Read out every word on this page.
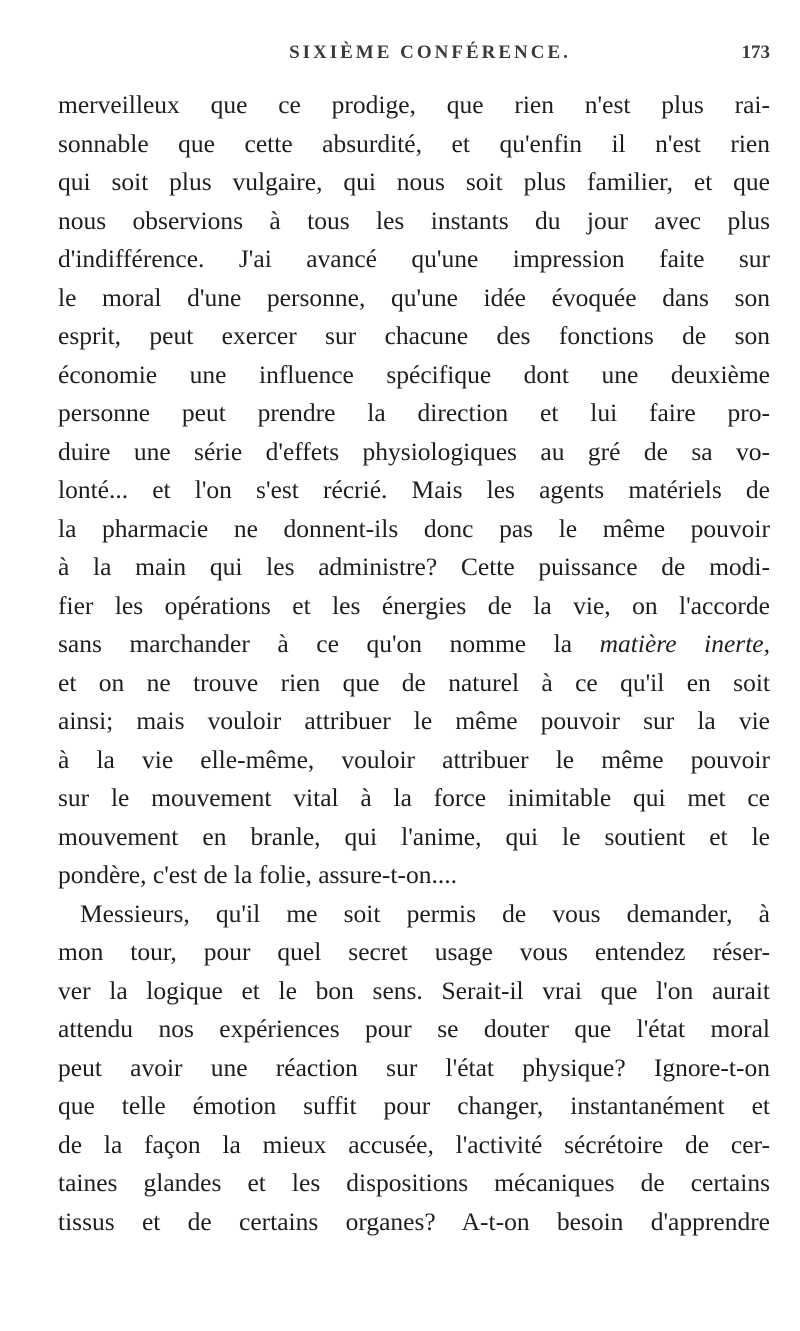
SIXIÈME CONFÉRENCE.	173
merveilleux que ce prodige, que rien n'est plus rai-
sonnable que cette absurdité, et qu'enfin il n'est rien
qui soit plus vulgaire, qui nous soit plus familier, et que
nous observions à tous les instants du jour avec plus
d'indifférence. J'ai avancé qu'une impression faite sur
le moral d'une personne, qu'une idée évoquée dans son
esprit, peut exercer sur chacune des fonctions de son
économie une influence spécifique dont une deuxième
personne peut prendre la direction et lui faire pro-
duire une série d'effets physiologiques au gré de sa vo-
lonté... et l'on s'est récrié. Mais les agents matériels de
la pharmacie ne donnent-ils donc pas le même pouvoir
à la main qui les administre? Cette puissance de modi-
fier les opérations et les énergies de la vie, on l'accorde
sans marchander à ce qu'on nomme la matière inerte,
et on ne trouve rien que de naturel à ce qu'il en soit
ainsi; mais vouloir attribuer le même pouvoir sur la vie
à la vie elle-même, vouloir attribuer le même pouvoir
sur le mouvement vital à la force inimitable qui met ce
mouvement en branle, qui l'anime, qui le soutient et le
pondère, c'est de la folie, assure-t-on....
Messieurs, qu'il me soit permis de vous demander, à
mon tour, pour quel secret usage vous entendez réser-
ver la logique et le bon sens. Serait-il vrai que l'on aurait
attendu nos expériences pour se douter que l'état moral
peut avoir une réaction sur l'état physique? Ignore-t-on
que telle émotion suffit pour changer, instantanément et
de la façon la mieux accusée, l'activité sécrétoire de cer-
taines glandes et les dispositions mécaniques de certains
tissus et de certains organes? A-t-on besoin d'apprendre
